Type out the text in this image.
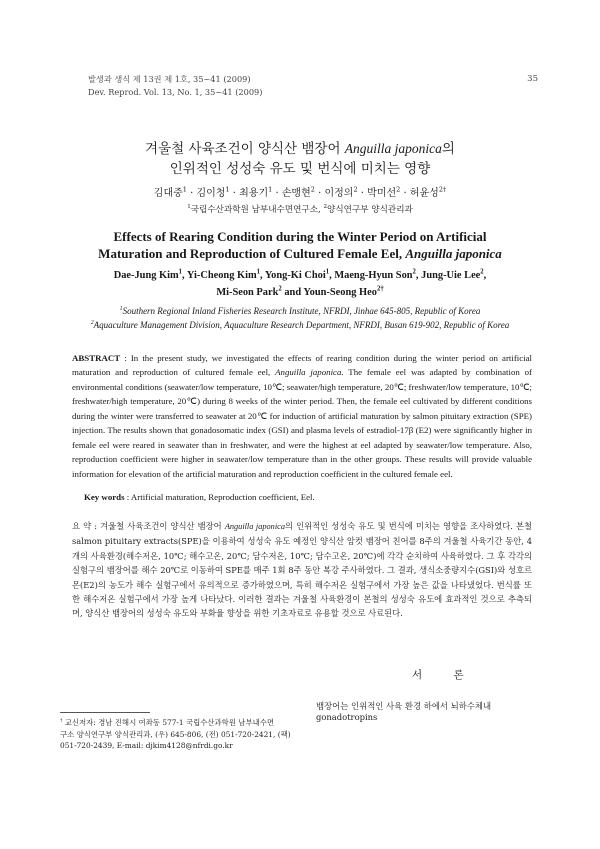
발생과 생식 제 13권 제 1호, 35~41 (2009)
Dev. Reprod. Vol. 13, No. 1, 35~41 (2009)
35
겨울철 사육조건이 양식산 뱀장어 Anguilla japonica의
인위적인 성성숙 유도 및 번식에 미치는 영향
김대중$^1$ · 김이청$^1$ · 최용기$^1$ · 손맹현$^2$ · 이정의$^2$ · 박미선$^2$ · 허윤성$^{2\dagger}$
$^1$국립수산과학원 남부내수면연구소, $^2$양식연구부 양식관리과
Effects of Rearing Condition during the Winter Period on Artificial
Maturation and Reproduction of Cultured Female Eel, Anguilla japonica
Dae-Jung Kim$^1$, Yi-Cheong Kim$^1$, Yong-Ki Choi$^1$, Maeng-Hyun Son$^2$, Jung-Uie Lee$^2$,
Mi-Seon Park$^2$ and Youn-Seong Heo$^{2\dagger}$
$^1$Southern Regional Inland Fisheries Research Institute, NFRDI, Jinhae 645-805, Republic of Korea
$^2$Aquaculture Management Division, Aquaculture Research Department, NFRDI, Busan 619-902, Republic of Korea
ABSTRACT : In the present study, we investigated the effects of rearing condition during the winter period on artificial maturation and reproduction of cultured female eel, Anguilla japonica. The female eel was adapted by combination of environmental conditions (seawater/low temperature, 10℃; seawater/high temperature, 20℃; freshwater/low temperature, 10℃; freshwater/high temperature, 20℃) during 8 weeks of the winter period. Then, the female eel cultivated by different conditions during the winter were transferred to seawater at 20℃ for induction of artificial maturation by salmon pituitary extraction (SPE) injection. The results shown that gonadosomatic index (GSI) and plasma levels of estradiol-17β (E2) were significantly higher in female eel were reared in seawater than in freshwater, and were the highest at eel adapted by seawater/low temperature. Also, reproduction coefficient were higher in seawater/low temperature than in the other groups. These results will provide valuable information for elevation of the artificial maturation and reproduction coefficient in the cultured female eel.
Key words : Artificial maturation, Reproduction coefficient, Eel.
요 약 : 겨울철 사육조건이 양식산 뱀장어 Anguilla japonica의 인위적인 성성숙 유도 및 번식에 미치는 영향을 조사하였다. 본철 salmon pituitary extracts(SPE)을 이용하여 성성숙 유도 예정인 양식산 암컷 뱀장어 친어를 8주의 겨울철 사육기간 동안, 4개의 사육환경(해수저온, 10℃; 해수고온, 20℃; 담수저온, 10℃; 담수고온, 20℃)에 각각 순치하여 사육하였다. 그 후 각각의 실험구의 뱀장어를 해수 20℃로 이동하여 SPE를 매주 1회 8주 동안 복강 주사하였다. 그 결과, 생식소중량지수(GSI)와 성호르몬(E2)의 농도가 해수 실험구에서 유의적으로 증가하였으며, 특히 해수저온 실험구에서 가장 높은 값을 나타냈었다. 번식률 또한 해수저온 실험구에서 가장 높게 나타났다. 이러한 결과는 겨울철 사육환경이 본철의 성성숙 유도에 효과적인 것으로 추측되며, 양식산 뱀장어의 성성숙 유도와 부화율 향상을 위한 기초자료로 유용할 것으로 사료된다.
서 론
† 교신저자: 경남 진해시 여좌동 577-1 국립수산과학원 남부내수면
구소 양식연구부 양식관리과, (우) 645-806, (전) 051-720-2421, (팩)
051-720-2439, E-mail: djkim4128@nfrdi.go.kr
뱀장어는 인위적인 사육 환경 하에서 뇌하수체내 gonadotropins
